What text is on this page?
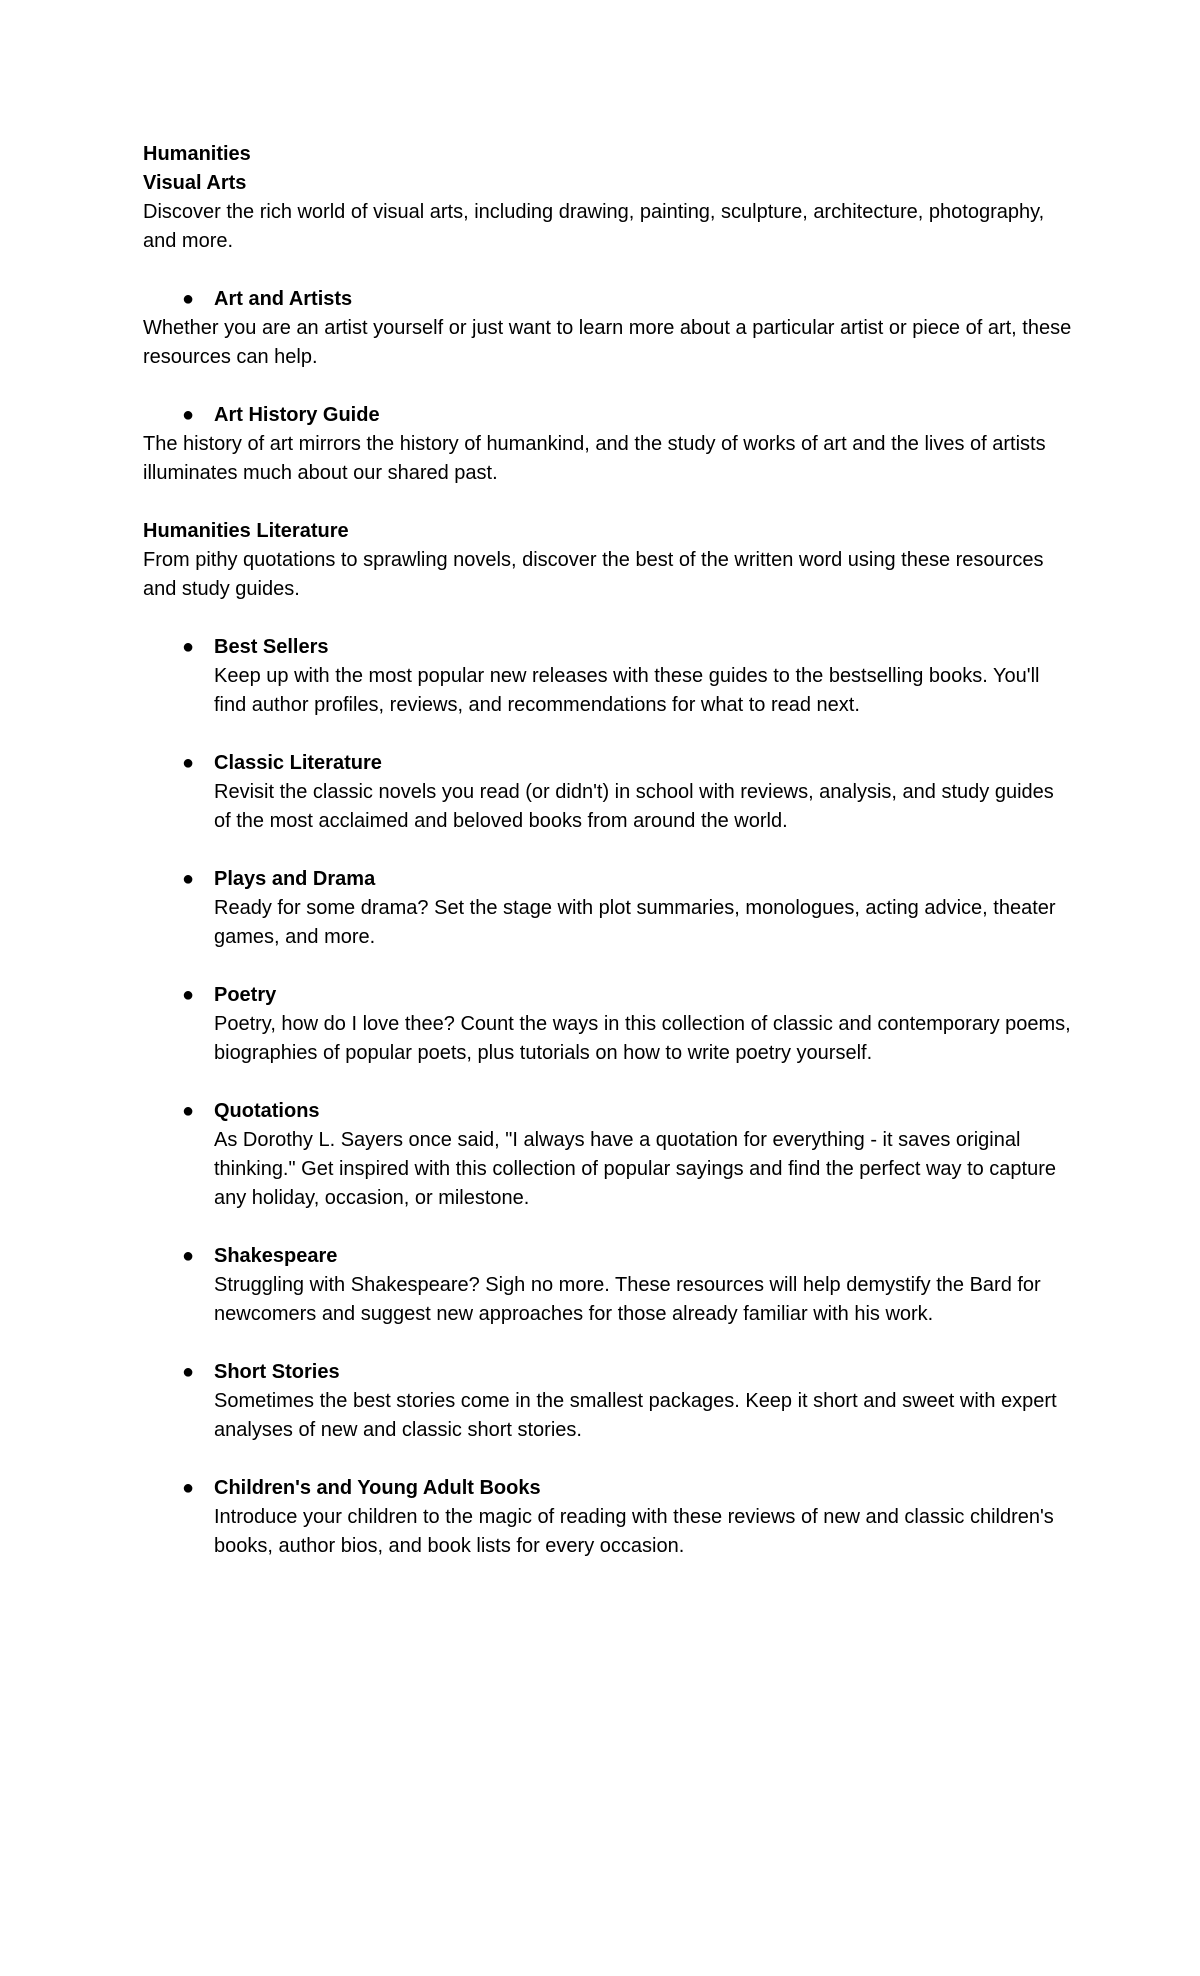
Humanities

Visual Arts

Discover the rich world of visual arts, including drawing, painting, sculpture, architecture, photography, and more.

● Art and Artists

Whether you are an artist yourself or just want to learn more about a particular artist or piece of art, these resources can help.

● Art History Guide

The history of art mirrors the history of humankind, and the study of works of art and the lives of artists illuminates much about our shared past.

Humanities Literature

From pithy quotations to sprawling novels, discover the best of the written word using these resources and study guides.

● Best Sellers

Keep up with the most popular new releases with these guides to the bestselling books. You'll find author profiles, reviews, and recommendations for what to read next.

● Classic Literature

Revisit the classic novels you read (or didn't) in school with reviews, analysis, and study guides of the most acclaimed and beloved books from around the world.

● Plays and Drama

Ready for some drama? Set the stage with plot summaries, monologues, acting advice, theater games, and more.

● Poetry

Poetry, how do I love thee? Count the ways in this collection of classic and contemporary poems, biographies of popular poets, plus tutorials on how to write poetry yourself.

● Quotations

As Dorothy L. Sayers once said, "I always have a quotation for everything - it saves original thinking." Get inspired with this collection of popular sayings and find the perfect way to capture any holiday, occasion, or milestone.

● Shakespeare

Struggling with Shakespeare? Sigh no more. These resources will help demystify the Bard for newcomers and suggest new approaches for those already familiar with his work.

● Short Stories

Sometimes the best stories come in the smallest packages. Keep it short and sweet with expert analyses of new and classic short stories.

● Children's and Young Adult Books

Introduce your children to the magic of reading with these reviews of new and classic children's books, author bios, and book lists for every occasion.
